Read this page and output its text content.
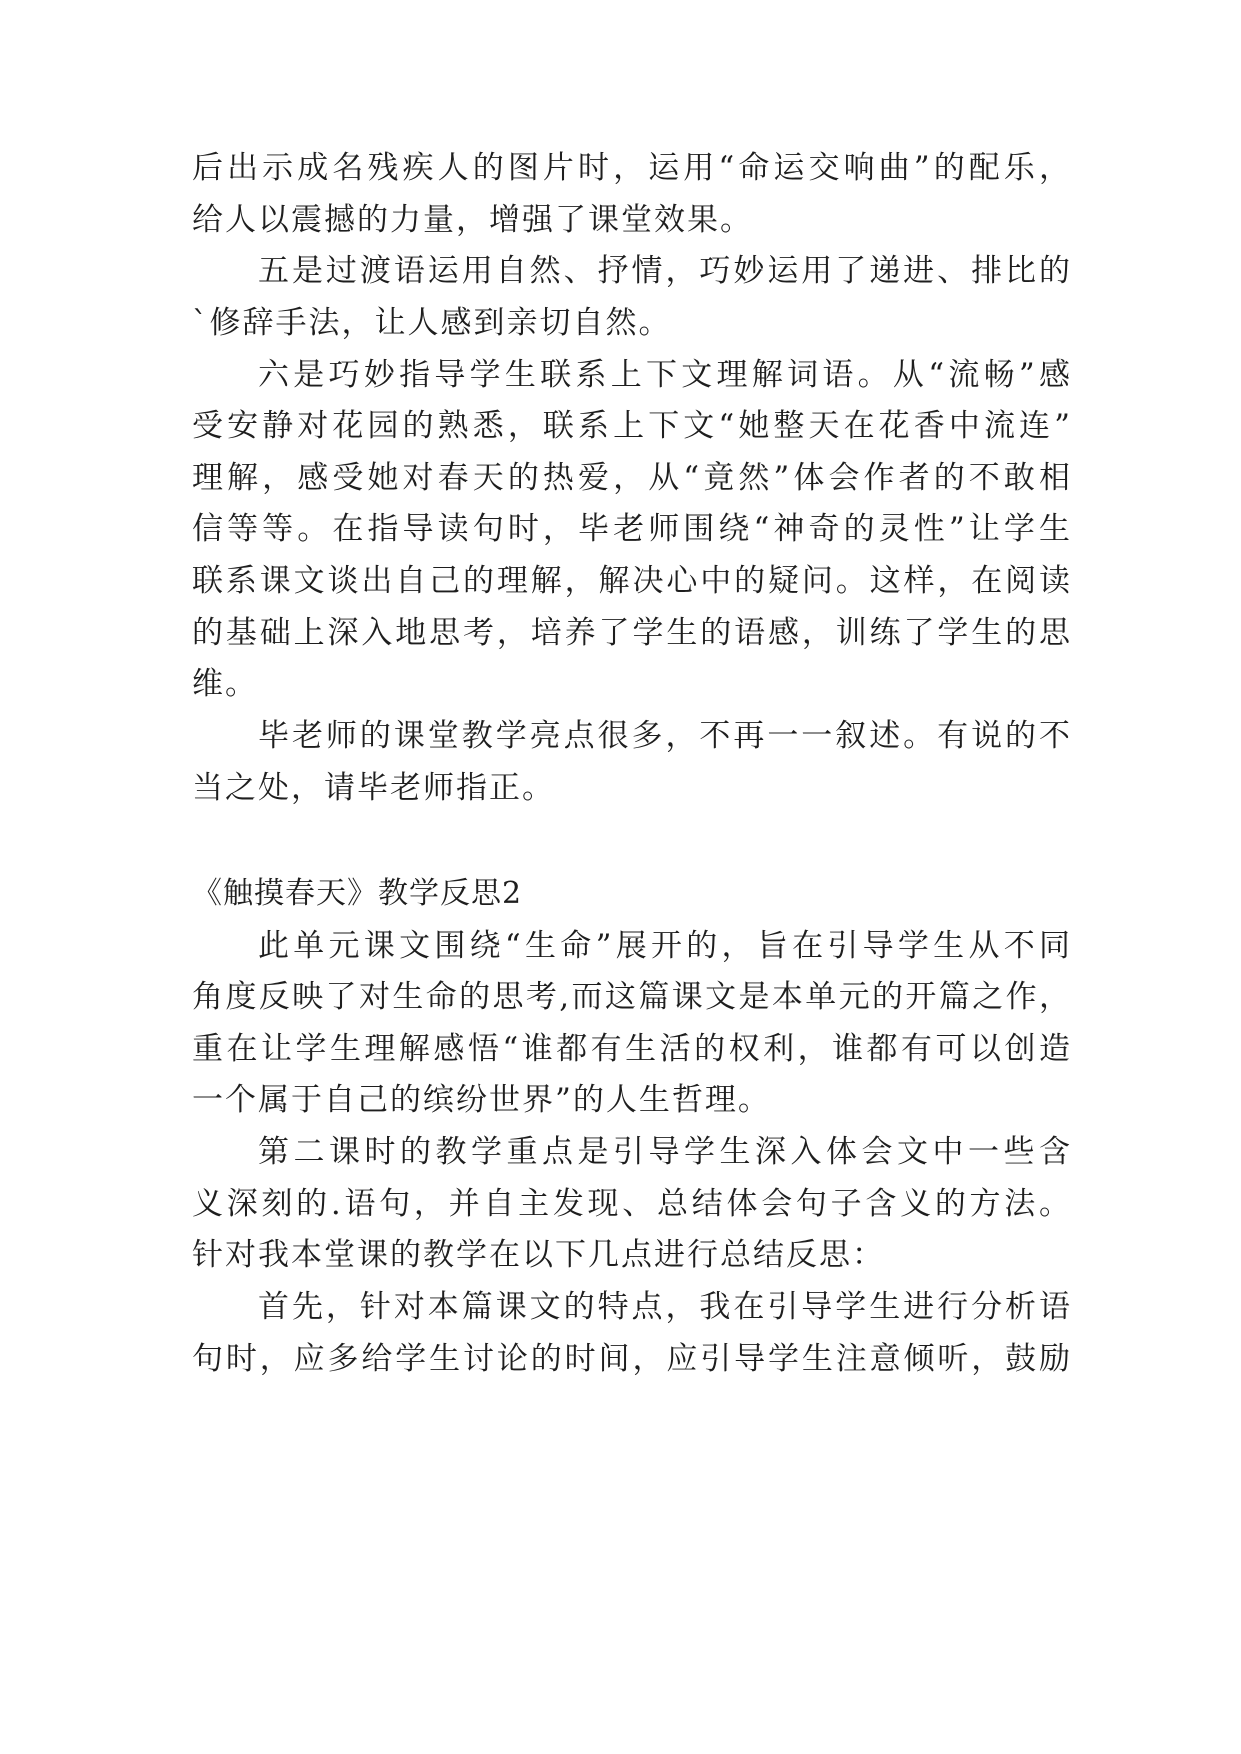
后出示成名残疾人的图片时，运用“命运交响曲”的配乐，
给人以震撼的力量，增强了课堂效果。
五是过渡语运用自然、抒情，巧妙运用了递进、排比的
`修辞手法，让人感到亲切自然。
六是巧妙指导学生联系上下文理解词语。从“流畅”感
受安静对花园的熟悉，联系上下文“她整天在花香中流连”
理解，感受她对春天的热爱，从“竟然”体会作者的不敢相
信等等。在指导读句时，毕老师围绕“神奇的灵性”让学生
联系课文谈出自己的理解，解决心中的疑问。这样，在阅读
的基础上深入地思考，培养了学生的语感，训练了学生的思
维。
毕老师的课堂教学亮点很多，不再一一叙述。有说的不
当之处，请毕老师指正。
《触摸春天》教学反思2
此单元课文围绕“生命”展开的，旨在引导学生从不同
角度反映了对生命的思考,而这篇课文是本单元的开篇之作，
重在让学生理解感悟“谁都有生活的权利，谁都有可以创造
一个属于自己的缤纷世界”的人生哲理。
第二课时的教学重点是引导学生深入体会文中一些含
义深刻的.语句，并自主发现、总结体会句子含义的方法。
针对我本堂课的教学在以下几点进行总结反思：
首先，针对本篇课文的特点，我在引导学生进行分析语
句时，应多给学生讨论的时间，应引导学生注意倾听，鼓励
